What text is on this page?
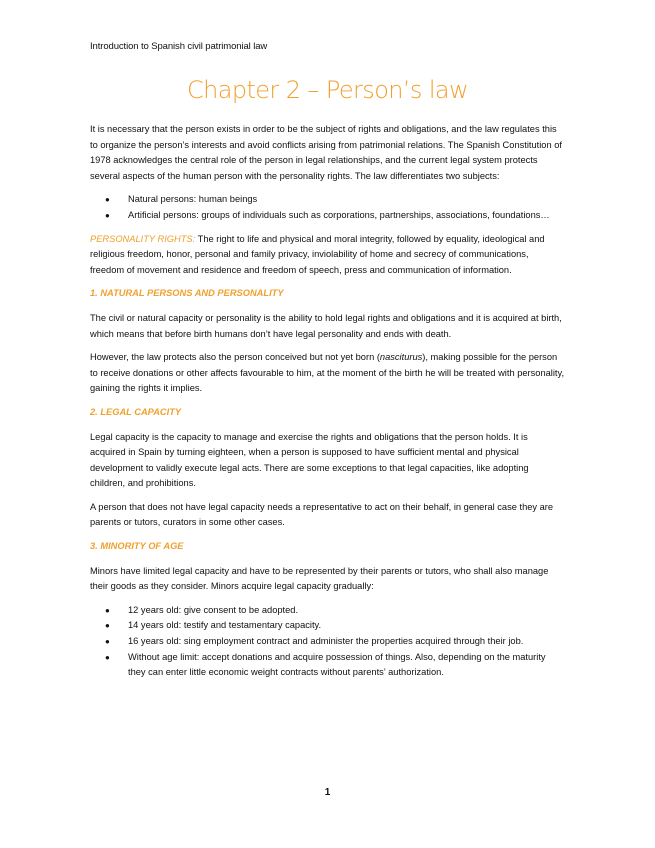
Introduction to Spanish civil patrimonial law
Chapter 2 – Person’s law

It is necessary that the person exists in order to be the subject of rights and obligations, and the law regulates this to organize the person’s interests and avoid conflicts arising from patrimonial relations. The Spanish Constitution of 1978 acknowledges the central role of the person in legal relationships, and the current legal system protects several aspects of the human person with the personality rights. The law differentiates two subjects:

● Natural persons: human beings
● Artificial persons: groups of individuals such as corporations, partnerships, associations, foundations…

PERSONALITY RIGHTS: The right to life and physical and moral integrity, followed by equality, ideological and religious freedom, honor, personal and family privacy, inviolability of home and secrecy of communications, freedom of movement and residence and freedom of speech, press and communication of information.

1. NATURAL PERSONS AND PERSONALITY

The civil or natural capacity or personality is the ability to hold legal rights and obligations and it is acquired at birth, which means that before birth humans don’t have legal personality and ends with death.

However, the law protects also the person conceived but not yet born (nasciturus), making possible for the person to receive donations or other affects favourable to him, at the moment of the birth he will be treated with personality, gaining the rights it implies.

2. LEGAL CAPACITY

Legal capacity is the capacity to manage and exercise the rights and obligations that the person holds. It is acquired in Spain by turning eighteen, when a person is supposed to have sufficient mental and physical development to validly execute legal acts. There are some exceptions to that legal capacities, like adopting children, and prohibitions.

A person that does not have legal capacity needs a representative to act on their behalf, in general case they are parents or tutors, curators in some other cases.

3. MINORITY OF AGE

Minors have limited legal capacity and have to be represented by their parents or tutors, who shall also manage their goods as they consider. Minors acquire legal capacity gradually:

● 12 years old: give consent to be adopted.
● 14 years old: testify and testamentary capacity.
● 16 years old: sing employment contract and administer the properties acquired through their job.
● Without age limit: accept donations and acquire possession of things. Also, depending on the maturity they can enter little economic weight contracts without parents’ authorization.
1
